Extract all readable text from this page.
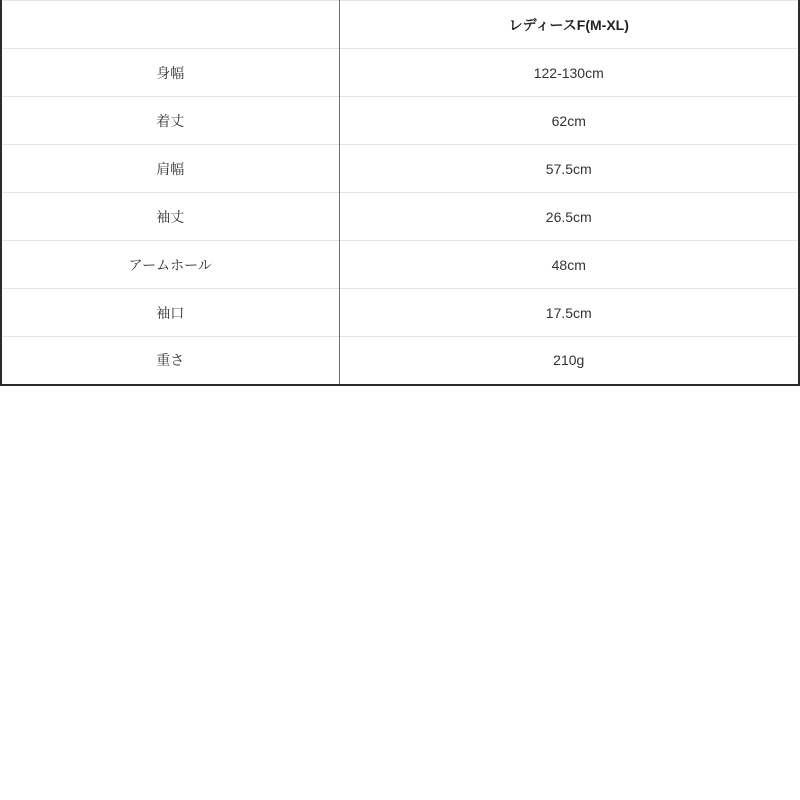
	レディースF(M-XL)
身幅	122-130cm
着丈	62cm
肩幅	57.5cm
袖丈	26.5cm
アームホール	48cm
袖口	17.5cm
重さ	210g
